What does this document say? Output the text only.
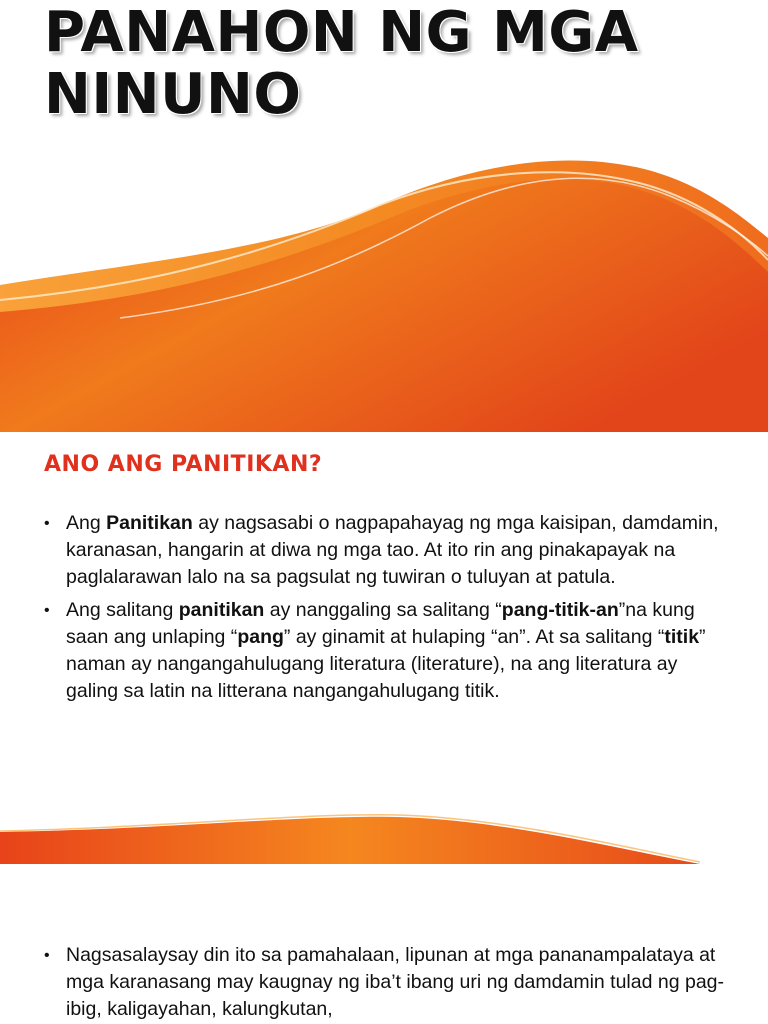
PANAHON NG MGA
NINUNO
ANO ANG PANITIKAN?
• Ang Panitikan ay nagsasabi o nagpapahayag ng mga kaisipan, damdamin, karanasan, hangarin at diwa ng mga tao. At ito rin ang pinakapayak na paglalarawan lalo na sa pagsulat ng tuwiran o tuluyan at patula.
• Ang salitang panitikan ay nanggaling sa salitang “pang-titik-an”na kung saan ang unlaping “pang” ay ginamit at hulaping “an”. At sa salitang “titik” naman ay nangangahulugang literatura (literature), na ang literatura ay galing sa latin na litterana nangangahulugang titik.
• Nagsasalaysay din ito sa pamahalaan, lipunan at mga pananampalataya at mga karanasang may kaugnay ng iba’t ibang uri ng damdamin tulad ng pag- ibig, kaligayahan, kalungkutan,
